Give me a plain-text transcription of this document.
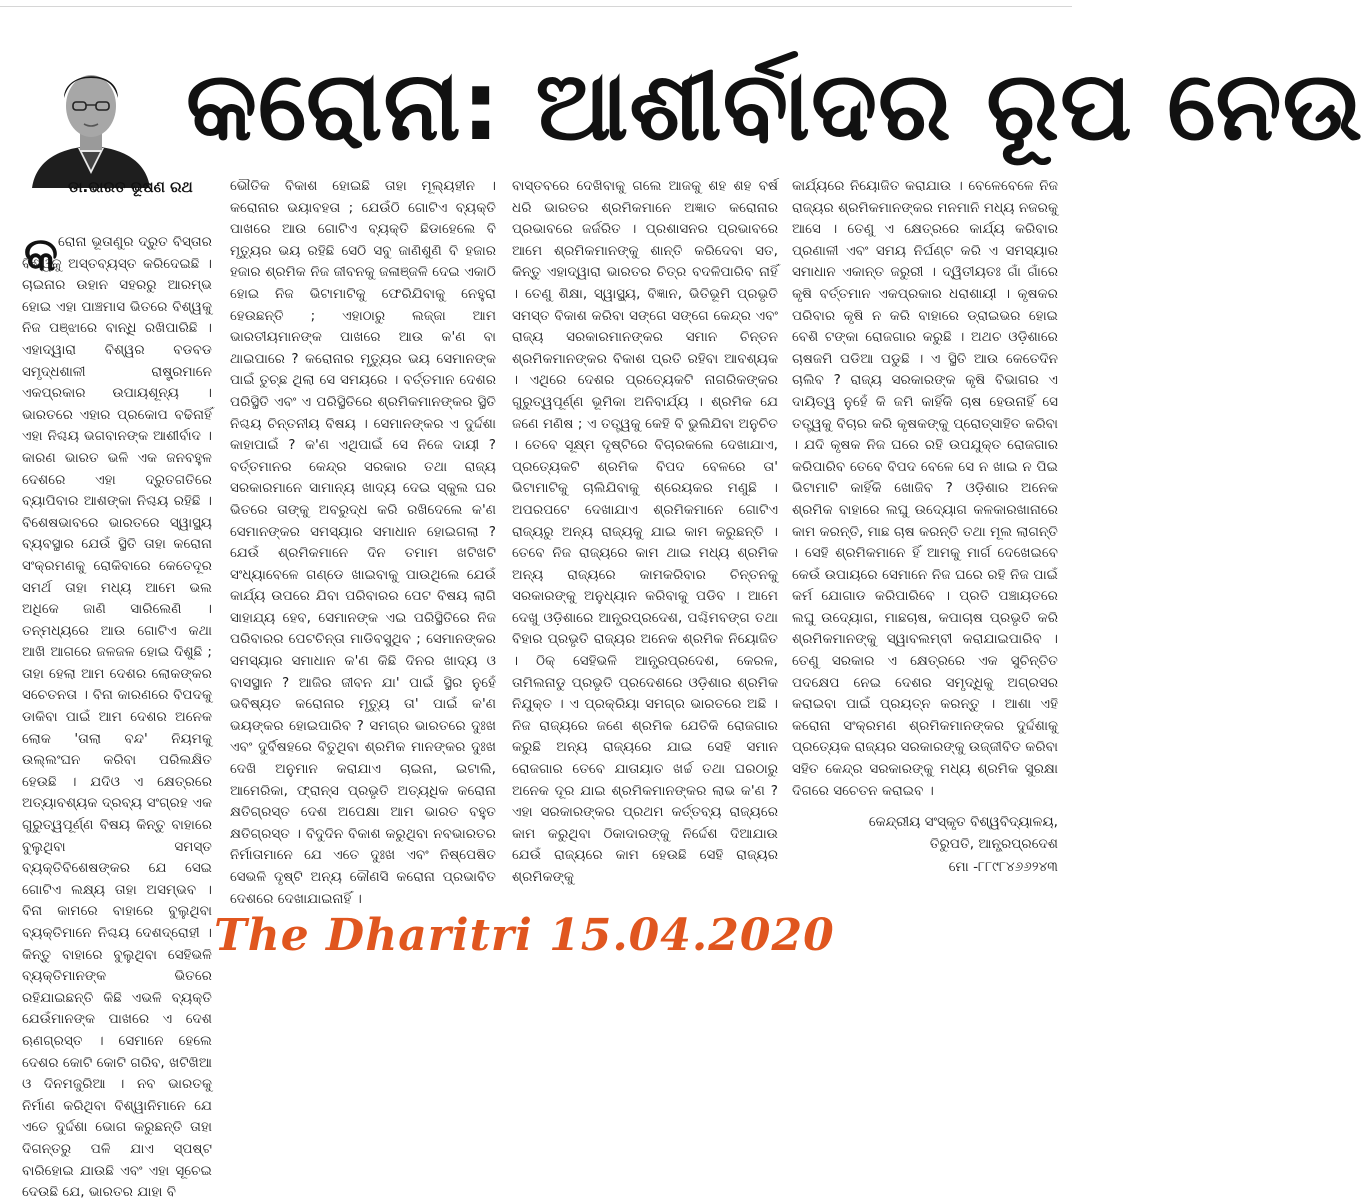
କରୋନା: ଆଶୀର୍ବାଦର ରୂପ ନେଉ
ଡା.ଭାରତ ଭୂଷଣ ରଥ
କ ରୋନା ଭୂତାଣୁର ଦ୍ରୁତ ବିସ୍ତାର ବିଶ୍ୱକୁ ଅସ୍ତବ୍ୟସ୍ତ କରିଦେଇଛି । ଚାଇନାର ଉହାନ ସହରରୁ ଆରମ୍ଭ ହୋଇ ଏହା ପାଞ୍ଚମାସ ଭିତରେ ବିଶ୍ୱକୁ ନିଜ ପଞ୍ଝାରେ ବାନ୍ଧି ରଖିପାରିଛି । ଏହାଦ୍ୱାରା ବିଶ୍ୱର ବଡବଡ ସମୃଦ୍ଧଶାଳୀ ରାଷ୍ଟ୍ରମାନେ ଏକପ୍ରକାର ଉପାୟଶୂନ୍ୟ । ଭାରତରେ ଏହାର ପ୍ରକୋପ ବଢିନାହିଁ ଏହା ନିଶ୍ଚୟ ଭଗବାନଙ୍କ ଆଶୀର୍ବାଦ । କାରଣ ଭାରତ ଭଳି ଏକ ଜନବହୁଳ ଦେଶରେ ଏହା ଦ୍ରୁତଗତିରେ ବ୍ୟାପିବାର ଆଶଙ୍କା ନିଶ୍ଚୟ ରହିଛି । ବିଶେଷଭାବରେ ଭାରତରେ ସ୍ୱାସ୍ଥ୍ୟ ବ୍ୟବସ୍ଥାର ଯେଉଁ ସ୍ଥିତି ତାହା କରୋନା ସଂକ୍ରମଣକୁ ରୋକିବାରେ କେତେଦୂର ସମର୍ଥ ତାହା ମଧ୍ୟ ଆମେ ଭଲ ଅଧିକେ ଜାଣି ସାରିଲେଣି । ତନ୍ମଧ୍ୟରେ ଆଉ ଗୋଟିଏ କଥା ଆଖି ଆଗରେ ଜଳଜଳ ହୋଇ ଦିଶୁଛି ; ତାହା ହେଲା ଆମ ଦେଶର ଲୋକଙ୍କର ସଚେତନତା । ବିନା କାରଣରେ ବିପଦକୁ ଡାକିବା ପାଇଁ ଆମ ଦେଶର ଅନେକ ଲୋକ 'ତାଲା ବନ୍ଦ' ନିୟମକୁ ଉଲ୍ଲଂଘନ କରିବା ପରିଲକ୍ଷିତ ହେଉଛି । ଯଦିଓ ଏ କ୍ଷେତ୍ରରେ ଅତ୍ୟାବଶ୍ୟକ ଦ୍ରବ୍ୟ ସଂଗ୍ରହ ଏକ ଗୁରୁତ୍ୱପୂର୍ଣ୍ଣ ବିଷୟ କିନ୍ତୁ ବାହାରେ ବୁଲୁଥିବା ସମସ୍ତ ବ୍ୟକ୍ତିବିଶେଷଙ୍କର ଯେ ସେଇ ଗୋଟିଏ ଲକ୍ଷ୍ୟ ତାହା ଅସମ୍ଭବ । ବିନା କାମରେ ବାହାରେ ବୁଲୁଥିବା ବ୍ୟକ୍ତିମାନେ ନିଶ୍ଚୟ ଦେଶଦ୍ରୋହୀ । କିନ୍ତୁ ବାହାରେ ବୁଲୁଥିବା ସେହିଭଳି ବ୍ୟକ୍ତିମାନଙ୍କ ଭିତରେ ରହିଯାଇଛନ୍ତି କିଛି ଏଭଳି ବ୍ୟକ୍ତି ଯେଉଁମାନଙ୍କ ପାଖରେ ଏ ଦେଶ ଋଣଗ୍ରସ୍ତ । ସେମାନେ ହେଲେ ଦେଶର କୋଟି କୋଟି ଗରିବ, ଖଟିଖିଆ ଓ ଦିନମଜୁରିଆ । ନବ ଭାରତକୁ ନିର୍ମାଣ କରିଥିବା ବିଶ୍ୱାନିମାନେ ଯେ ଏତେ ଦୁର୍ଦ୍ଦଶା ଭୋଗ କରୁଛନ୍ତି ତାହା ଦିଗନ୍ତରୁ ପଳି ଯାଏ ସ୍ପଷ୍ଟ ବାରିହୋଇ ଯାଉଛି ଏବଂ ଏହା ସୂଚେଇ ଦେଉଛି ଯେ, ଭାରତର ଯାହା ବି
ଭୌତିକ ବିକାଶ ହୋଇଛି ତାହା ମୂଲ୍ୟହୀନ । କରୋନାର ଭୟାବହତା ; ଯେଉଁଠି ଗୋଟିଏ ବ୍ୟକ୍ତି ପାଖରେ ଆଉ ଗୋଟିଏ ବ୍ୟକ୍ତି ଛିଡାହେଲେ ବି ମୃତ୍ୟୁର ଭୟ ରହିଛି ସେଠି ସବୁ ଜାଣିଶୁଣି ବି ହଜାର ହଜାର ଶ୍ରମିକ ନିଜ ଜୀବନକୁ ଜଳାଞ୍ଜଳି ଦେଇ ଏକାଠି ହୋଇ ନିଜ ଭିଟାମାଟିକୁ ଫେରିଯିବାକୁ ନେହୁରା ହେଉଛନ୍ତି ; ଏହାଠାରୁ ଲଜ୍ଜା ଆମ ଭାରତୀୟମାନଙ୍କ ପାଖରେ ଆଉ କ'ଣ ବା ଥାଇପାରେ ? କରୋନାର ମୃତ୍ୟୁର ଭୟ ସେମାନଙ୍କ ପାଇଁ ତୁଚ୍ଛ ଥିଲା ସେ ସମୟରେ । ବର୍ତ୍ତମାନ ଦେଶର ପରିସ୍ଥିତି ଏବଂ ଏ ପରିସ୍ଥିତିରେ ଶ୍ରମିକମାନଙ୍କର ସ୍ଥିତି ନିଶ୍ଚୟ ଚିନ୍ତନୀୟ ବିଷୟ । ସେମାନଙ୍କର ଏ ଦୁର୍ଦ୍ଦଶା କାହାପାଇଁ ? କ'ଣ ଏଥିପାଇଁ ସେ ନିଜେ ଦାୟୀ ? ବର୍ତ୍ତମାନର କେନ୍ଦ୍ର ସରକାର ତଥା ରାଜ୍ୟ ସରକାରମାନେ ସାମାନ୍ୟ ଖାଦ୍ୟ ଦେଇ ସ୍କୁଲ ଘର ଭିତରେ ତାଙ୍କୁ ଅବରୁଦ୍ଧ କରି ରଖିଦେଲେ କ'ଣ ସେମାନଙ୍କର ସମସ୍ୟାର ସମାଧାନ ହୋଇଗଲା ? ଯେଉଁ ଶ୍ରମିକମାନେ ଦିନ ତମାମ ଖଟିଖଟି ସଂଧ୍ୟାବେଳେ ଗଣ୍ଡେ ଖାଇବାକୁ ପାଉଥିଲେ ଯେଉଁ କାର୍ଯ୍ୟ ଉପରେ ଯିବା ପରିବାରର ପେଟ ବିଷୟ ଲାଗି ସାହାଯ୍ୟ ହେବ, ସେମାନଙ୍କ ଏଇ ପରିସ୍ଥିତିରେ ନିଜ ପରିବାରର ପେଟଚିନ୍ତା ମାଡିବସୁଥିବ ; ସେମାନଙ୍କର ସମସ୍ୟାର ସମାଧାନ କ'ଣ କିଛି ଦିନର ଖାଦ୍ୟ ଓ ବାସସ୍ଥାନ ? ଆଜିର ଜୀବନ ଯା' ପାଇଁ ସ୍ଥିର ନୁହେଁ ଭବିଷ୍ୟତ କରୋନାର ମୃତ୍ୟୁ ତା' ପାଇଁ କ'ଣ ଭୟଙ୍କର ହୋଇପାରିବ ? ସମଗ୍ର ଭାରତରେ ଦୁଃଖ ଏବଂ ଦୁର୍ବିଷହରେ ବିତୁଥିବା ଶ୍ରମିକ ମାନଙ୍କର ଦୁଃଖ ଦେଖି ଅନୁମାନ କରାଯାଏ ଚାଇନା, ଇଟାଲି, ଆମେରିକା, ଫ୍ରାନ୍ସ ପ୍ରଭୃତି ଅତ୍ୟଧିକ କରୋନା କ୍ଷତିଗ୍ରସ୍ତ ଦେଶ ଅପେକ୍ଷା ଆମ ଭାରତ ବହୁତ କ୍ଷତିଗ୍ରସ୍ତ । ବିଦୁଦିନ ବିକାଶ କରୁଥିବା ନବଭାରତର ନିର୍ମାତାମାନେ ଯେ ଏତେ ଦୁଃଖ ଏବଂ ନିଷ୍ପେଷିତ ସେଭଳି ଦୃଷ୍ଟି ଅନ୍ୟ କୌଣସି କରୋନା ପ୍ରଭାବିତ ଦେଶରେ ଦେଖାଯାଇନାହିଁ ।
ବାସ୍ତବରେ ଦେଖିବାକୁ ଗଲେ ଆଜକୁ ଶହ ଶହ ବର୍ଷ ଧରି ଭାରତର ଶ୍ରମିକମାନେ ଅଜ୍ଞାତ କରୋନାର ପ୍ରଭାବରେ ଜର୍ଜରିତ । ପ୍ରଶାସନର ପ୍ରଭାବରେ ଆମେ ଶ୍ରମିକମାନଙ୍କୁ ଶାନ୍ତି କରିଦେବା ସତ, କିନ୍ତୁ ଏହାଦ୍ୱାରା ଭାରତର ଚିତ୍ର ବଦଳିପାରିବ ନାହିଁ । ତେଣୁ ଶିକ୍ଷା, ସ୍ୱାସ୍ଥ୍ୟ, ବିଜ୍ଞାନ, ଭିତିଭୂମି ପ୍ରଭୃତି ସମସ୍ତ ବିକାଶ କରିବା ସଙ୍ଗେ ସଙ୍ଗେ କେନ୍ଦ୍ର ଏବଂ ରାଜ୍ୟ ସରକାରମାନଙ୍କର ସମାନ ଚିନ୍ତନ ଶ୍ରମିକମାନଙ୍କର ବିକାଶ ପ୍ରତି ରହିବା ଆବଶ୍ୟକ । ଏଥିରେ ଦେଶର ପ୍ରତ୍ୟେକଟି ନାଗରିକଙ୍କର ଗୁରୁତ୍ୱପୂର୍ଣ୍ଣ ଭୂମିକା ଅନିବାର୍ଯ୍ୟ । ଶ୍ରମିକ ଯେ ଜଣେ ମଣିଷ ; ଏ ତତ୍ତ୍ୱକୁ କେହି ବି ଭୁଲିଯିବା ଅନୁଚିତ । ତେବେ ସୂକ୍ଷ୍ମ ଦୃଷ୍ଟିରେ ବିଚାରକଲେ ଦେଖାଯାଏ, ପ୍ରତ୍ୟେକଟି ଶ୍ରମିକ ବିପଦ ବେଳରେ ତା' ଭିଟାମାଟିକୁ ଚାଲିଯିବାକୁ ଶ୍ରେୟକର ମଣୁଛି । ଅପରପଟେ ଦେଖାଯାଏ ଶ୍ରମିକମାନେ ଗୋଟିଏ ରାଜ୍ୟରୁ ଅନ୍ୟ ରାଜ୍ୟକୁ ଯାଇ କାମ କରୁଛନ୍ତି । ତେବେ ନିଜ ରାଜ୍ୟରେ କାମ ଥାଇ ମଧ୍ୟ ଶ୍ରମିକ ଅନ୍ୟ ରାଜ୍ୟରେ କାମକରିବାର ଚିନ୍ତନକୁ ସରକାରଙ୍କୁ ଅନୁଧ୍ୟାନ କରିବାକୁ ପଡିବ । ଆମେ ଦେଖୁ ଓଡ଼ିଶାରେ ଆନ୍ଧ୍ରପ୍ରଦେଶ, ପଶ୍ଚିମବଙ୍ଗ ତଥା ବିହାର ପ୍ରଭୃତି ରାଜ୍ୟର ଅନେକ ଶ୍ରମିକ ନିୟୋଜିତ । ଠିକ୍ ସେହିଭଳି ଆନ୍ଧ୍ରପ୍ରଦେଶ, କେରଳ, ତାମିଲନାଡୁ ପ୍ରଭୃତି ପ୍ରଦେଶରେ ଓଡ଼ିଶାର ଶ୍ରମିକ ନିଯୁକ୍ତ । ଏ ପ୍ରକ୍ରିୟା ସମଗ୍ର ଭାରତରେ ଅଛି । ନିଜ ରାଜ୍ୟରେ ଜଣେ ଶ୍ରମିକ ଯେତିକି ରୋଜଗାର କରୁଛି ଅନ୍ୟ ରାଜ୍ୟରେ ଯାଇ ସେହି ସମାନ ରୋଜଗାର ତେବେ ଯାତାୟାତ ଖର୍ଚ୍ଚ ତଥା ଘରଠାରୁ ଅନେକ ଦୂର ଯାଇ ଶ୍ରମିକମାନଙ୍କର ଲାଭ କ'ଣ ? ଏହା ସରକାରଙ୍କର ପ୍ରଥମ କର୍ତ୍ତବ୍ୟ ରାଜ୍ୟରେ କାମ କରୁଥିବା ଠିକାଦାରଙ୍କୁ ନିର୍ଦ୍ଦେଶ ଦିଆଯାଉ ଯେଉଁ ରାଜ୍ୟରେ କାମ ହେଉଛି ସେହି ରାଜ୍ୟର ଶ୍ରମିକଙ୍କୁ
କାର୍ଯ୍ୟରେ ନିୟୋଜିତ କରାଯାଉ । ବେଳେବେଳେ ନିଜ ରାଜ୍ୟର ଶ୍ରମିକମାନଙ୍କର ମନମାନି ମଧ୍ୟ ନଜରକୁ ଆସେ । ତେଣୁ ଏ କ୍ଷେତ୍ରରେ କାର୍ଯ୍ୟ କରିବାର ପ୍ରଣାଳୀ ଏବଂ ସମୟ ନିର୍ଘଣ୍ଟ କରି ଏ ସମସ୍ୟାର ସମାଧାନ ଏକାନ୍ତ ଜରୁରୀ । ଦ୍ୱିତୀୟତଃ ଗାଁ ଗାଁରେ କୃଷି ବର୍ତ୍ତମାନ ଏକପ୍ରକାର ଧରାଶାୟୀ । କୃଷକର ପରିବାର କୃଷି ନ କରି ବାହାରେ ଡ୍ରାଇଭର ହୋଇ ବେଶି ଟଙ୍କା ରୋଜଗାର କରୁଛି । ଅଥଚ ଓଡ଼ିଶାରେ ଚାଷଜମି ପଡିଆ ପଡୁଛି । ଏ ସ୍ଥିତି ଆଉ କେତେଦିନ ଚାଲିବ ? ରାଜ୍ୟ ସରକାରଙ୍କ କୃଷି ବିଭାଗର ଏ ଦାୟିତ୍ୱ ନୁହେଁ କି ଜମି କାହିଁକି ଚାଷ ହେଉନାହିଁ ସେ ତତ୍ତ୍ୱକୁ ବିଚାର କରି କୃଷକଙ୍କୁ ପ୍ରୋତ୍ସାହିତ କରିବା । ଯଦି କୃଷକ ନିଜ ଘରେ ରହି ଉପଯୁକ୍ତ ରୋଜଗାର କରିପାରିବ ତେବେ ବିପଦ ବେଳେ ସେ ନ ଖାଇ ନ ପିଇ ଭିଟାମାଟି କାହିଁକି ଖୋଜିବ ? ଓଡ଼ିଶାର ଅନେକ ଶ୍ରମିକ ବାହାରେ ଲଘୁ ଉଦ୍ୟୋଗ କଳକାରଖାନାରେ କାମ କରନ୍ତି, ମାଛ ଚାଷ କରନ୍ତି ତଥା ମୂଲ ଲାଗନ୍ତି । ସେହି ଶ୍ରମିକମାନେ ହିଁ ଆମକୁ ମାର୍ଗ ଦେଖେଇବେ କେଉଁ ଉପାୟରେ ସେମାନେ ନିଜ ଘରେ ରହି ନିଜ ପାଇଁ କର୍ମ ଯୋଗାଡ କରିପାରିବେ । ପ୍ରତି ପଞ୍ଚାୟତରେ ଲଘୁ ଉଦ୍ୟୋଗ, ମାଛଚାଷ, କପାଚାଷ ପ୍ରଭୃତି କରି ଶ୍ରମିକମାନଙ୍କୁ ସ୍ୱାବଲମ୍ବୀ କରାଯାଇପାରିବ । ତେଣୁ ସରକାର ଏ କ୍ଷେତ୍ରରେ ଏକ ସୁଚିନ୍ତିତ ପଦକ୍ଷେପ ନେଇ ଦେଶର ସମୃଦ୍ଧିକୁ ଅଗ୍ରସର କରାଇବା ପାଇଁ ପ୍ରୟତ୍ନ କରନ୍ତୁ । ଆଶା ଏହି କରୋନା ସଂକ୍ରମଣ ଶ୍ରମିକମାନଙ୍କର ଦୁର୍ଦ୍ଦଶାକୁ ପ୍ରତ୍ୟେକ ରାଜ୍ୟର ସରକାରଙ୍କୁ ଉଜ୍ଜୀବିତ କରିବା ସହିତ କେନ୍ଦ୍ର ସରକାରଙ୍କୁ ମଧ୍ୟ ଶ୍ରମିକ ସୁରକ୍ଷା ଦିଗରେ ସଚେତନ କରାଇବ ।
କେନ୍ଦ୍ରୀୟ ସଂସ୍କୃତ ବିଶ୍ୱବିଦ୍ୟାଳୟ,
ତିରୁପତି, ଆନ୍ଧ୍ରପ୍ରଦେଶ
ମୋ -୮୮୯୮୪୬୬୨୪୩
The Dharitri 15.04.2020
